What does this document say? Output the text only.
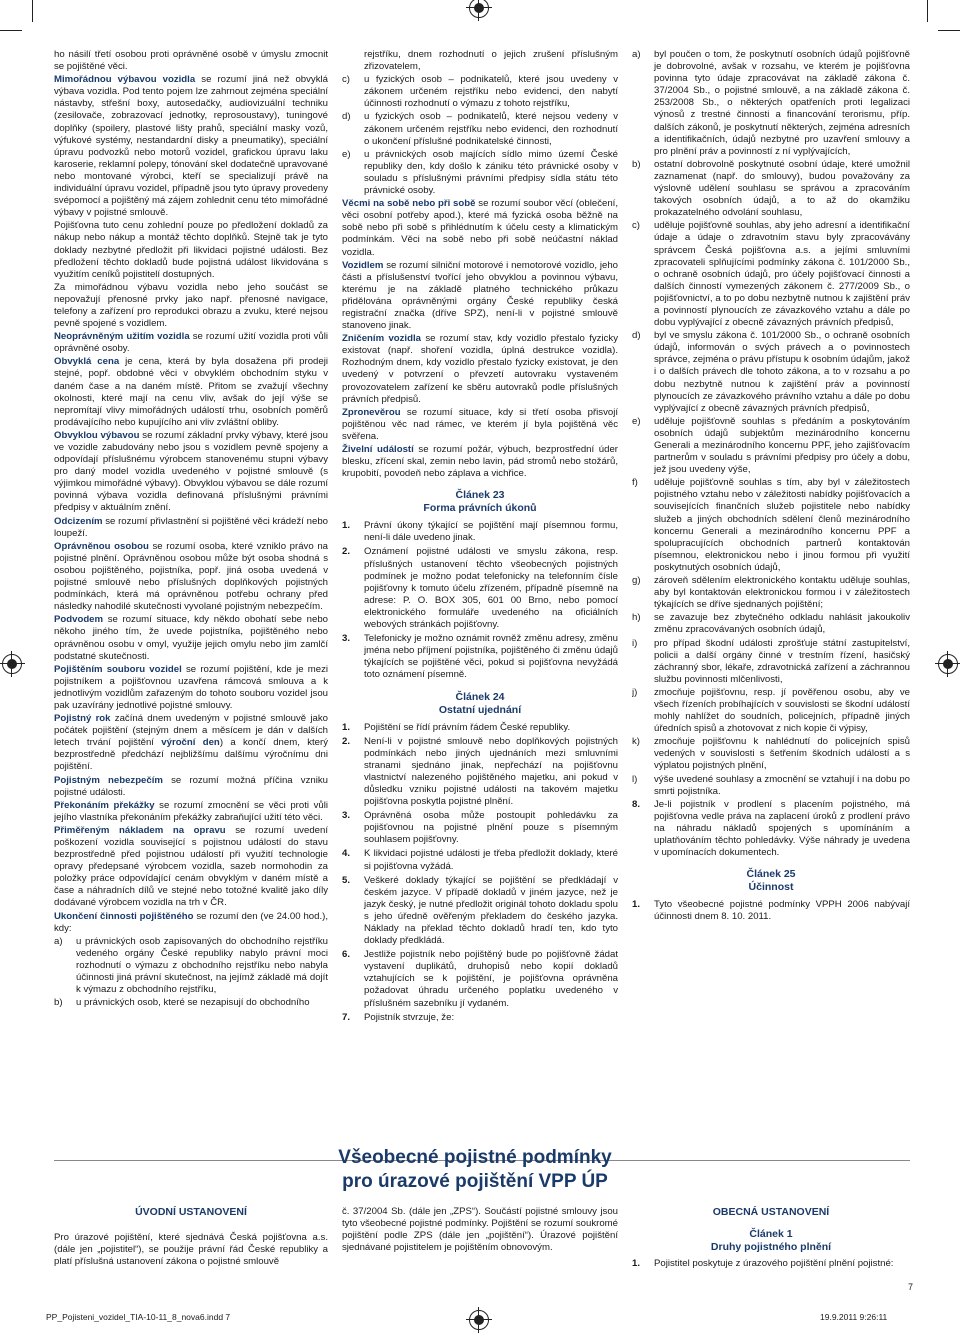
ho násilí třetí osobou proti oprávněné osobě v úmyslu zmocnit se pojištěné věci.

Mimořádnou výbavou vozidla se rozumí jiná než obvyklá výbava vozidla. Pod tento pojem lze zahrnout zejména speciální nástavby, střešní boxy, autosedačky, audiovizuální techniku (zesilovače, zobrazovací jednotky, reprosoustavy), tuningové doplňky (spoilery, plastové lišty prahů, speciální masky vozů, výfukové systémy, nestandardní disky a pneumatiky), speciální úpravu podvozků nebo motorů vozidel, grafickou úpravu laku karoserie, reklamní polepy, tónování skel dodatečně upravované nebo montované výrobci, kteří se specializují právě na individuální úpravu vozidel, případně jsou tyto úpravy provedeny svépomocí a pojištěný má zájem zohlednit cenu této mimořádné výbavy v pojistné smlouvě.

Pojišťovna tuto cenu zohlední pouze po předložení dokladů za nákup nebo nákup a montáž těchto doplňků. Stejně tak je tyto doklady nezbytné předložit při likvidaci pojistné události. Bez předložení těchto dokladů bude pojistná událost likvidována s využitím ceníků pojistitelí dostupných.

Za mimořádnou výbavu vozidla nebo jeho součást se nepovažují přenosné prvky jako např. přenosné navigace, telefony a zařízení pro reprodukci obrazu a zvuku, které nejsou pevně spojené s vozidlem.

Neoprávněným užitím vozidla se rozumí užití vozidla proti vůli oprávněné osoby.

Obvyklá cena je cena, která by byla dosažena při prodeji stejné, popř. obdobné věci v obvyklém obchodním styku v daném čase a na daném místě. Přitom se zvažují všechny okolnosti, které mají na cenu vliv, avšak do její výše se nepromítají vlivy mimořádných událostí trhu, osobních poměrů prodávajícího nebo kupujícího ani vliv zvláštní obliby.

Obvyklou výbavou se rozumí základní prvky výbavy, které jsou ve vozidle zabudovány nebo jsou s vozidlem pevně spojeny a odpovídají příslušnému výrobcem stanovenému stupni výbavy pro daný model vozidla uvedeného v pojistné smlouvě (s výjimkou mimořádné výbavy). Obvyklou výbavou se dále rozumí povinná výbava vozidla definovaná příslušnými právními předpisy v aktuálním znění.

Odcizením se rozumí přivlastnění si pojištěné věci krádeží nebo loupeží.

Oprávněnou osobou se rozumí osoba, které vzniklo právo na pojistné plnění. Oprávněnou osobou může být osoba shodná s osobou pojištěného, pojistníka, popř. jiná osoba uvedená v pojistné smlouvě nebo příslušných doplňkových pojistných podmínkách, která má oprávněnou potřebu ochrany před následky nahodilé skutečnosti vyvolané pojistným nebezpečím.

Podvodem se rozumí situace, kdy někdo obohatí sebe nebo někoho jiného tím, že uvede pojistníka, pojištěného nebo oprávněnou osobu v omyl, využije jejich omylu nebo jim zamlčí podstatné skutečnosti.

Pojištěním souboru vozidel se rozumí pojištění, kde je mezi pojistníkem a pojišťovnou uzavřena rámcová smlouva a k jednotlivým vozidlům zařazeným do tohoto souboru vozidel jsou pak uzavírány jednotlivé pojistné smlouvy.

Pojistný rok začíná dnem uvedeným v pojistné smlouvě jako počátek pojištění (stejným dnem a měsícem je dán v dalších letech trvání pojištění výroční den) a končí dnem, který bezprostředně předchází nejbližšímu dalšímu výročnímu dni pojištění.

Pojistným nebezpečím se rozumí možná příčina vzniku pojistné události.

Překonáním překážky se rozumí zmocnění se věci proti vůli jejího vlastníka překonáním překážky zabraňující užití této věci.

Přiměřeným nákladem na opravu se rozumí uvedení poškození vozidla související s pojistnou událostí do stavu bezprostředně před pojistnou událostí při využití technologie opravy předepsané výrobcem vozidla, sazeb normohodin za položky práce odpovídající cenám obvyklým v daném místě a čase a náhradních dílů ve stejné nebo totožné kvalitě jako díly dodávané výrobcem vozidla na trh v ČR.

Ukončení činnosti pojištěného se rozumí den (ve 24.00 hod.), kdy:

a) u právnických osob zapisovaných do obchodního rejstříku vedeného orgány České republiky nabylo právní moci rozhodnutí o výmazu z obchodního rejstříku nebo nabyla účinnosti jiná právní skutečnost, na jejímž základě má dojít k výmazu z obchodního rejstříku,
b) u právnických osob, které se nezapisují do obchodního

rejstříku, dnem rozhodnutí o jejich zrušení příslušným zřizovatelem,

c) u fyzických osob – podnikatelů, které jsou uvedeny v zákonem určeném rejstříku nebo evidenci, den nabytí účinnosti rozhodnutí o výmazu z tohoto rejstříku,
d) u fyzických osob – podnikatelů, které nejsou vedeny v zákonem určeném rejstříku nebo evidenci, den rozhodnutí o ukončení příslušné podnikatelské činnosti,
e) u právnických osob majících sídlo mimo území České republiky den, kdy došlo k zániku této právnické osoby v souladu s příslušnými právními předpisy sídla státu této právnické osoby.

Věcmi na sobě nebo při sobě se rozumí soubor věcí (oblečení, věci osobní potřeby apod.), které má fyzická osoba běžně na sobě nebo při sobě s přihlédnutím k účelu cesty a klimatickým podmínkám. Věci na sobě nebo při sobě neúčastní náklad vozidla.

Vozidlem se rozumí silniční motorové i nemotorové vozidlo, jeho části a příslušenství tvořící jeho obvyklou a povinnou výbavu, kterému je na základě platného technického průkazu přidělována oprávněnými orgány České republiky česká registrační značka (dříve SPZ), není-li v pojistné smlouvě stanoveno jinak.

Zničením vozidla se rozumí stav, kdy vozidlo přestalo fyzicky existovat (např. shoření vozidla, úplná destrukce vozidla). Rozhodným dnem, kdy vozidlo přestalo fyzicky existovat, je den uvedený v potvrzení o převzetí autovraku vystaveném provozovatelem zařízení ke sběru autovraků podle příslušných právních předpisů.

Zpronevěrou se rozumí situace, kdy si třetí osoba přisvojí pojištěnou věc nad rámec, ve kterém jí byla pojištěná věc svěřena.

Živelní událostí se rozumí požár, výbuch, bezprostřední úder blesku, zřícení skal, zemin nebo lavin, pád stromů nebo stožárů, krupobití, povodeň nebo záplava a vichřice.

Článek 23
Forma právních úkonů
1. Právní úkony týkající se pojištění mají písemnou formu, není-li dále uvedeno jinak.
2. Oznámení pojistné události ve smyslu zákona, resp. příslušných ustanovení těchto všeobecných pojistných podmínek je možno podat telefonicky na telefonním čísle pojišťovny k tomuto účelu zřízeném, případně písemně na adrese: P. O. BOX 305, 601 00 Brno, nebo pomocí elektronického formuláře uvedeného na oficiálních webových stránkách pojišťovny.
3. Telefonicky je možno oznámit rovněž změnu adresy, změnu jména nebo příjmení pojistníka, pojištěného či změnu údajů týkajících se pojištěné věci, pokud si pojišťovna nevyžádá toto oznámení písemně.
Článek 24
Ostatní ujednání
1. Pojištění se řídí právním řádem České republiky.
2. Není-li v pojistné smlouvě nebo doplňkových pojistných podmínkách nebo jiných ujednáních mezi smluvními stranami sjednáno jinak, nepřechází na pojišťovnu vlastnictví nalezeného pojištěného majetku, ani pokud v důsledku vzniku pojistné události na takovém majetku pojišťovna poskytla pojistné plnění.
3. Oprávněná osoba může postoupit pohledávku za pojišťovnou na pojistné plnění pouze s písemným souhlasem pojišťovny.
4. K likvidaci pojistné události je třeba předložit doklady, které si pojišťovna vyžádá.
5. Veškeré doklady týkající se pojištění se předkládají v českém jazyce. V případě dokladů v jiném jazyce, než je jazyk český, je nutné předložit originál tohoto dokladu spolu s jeho úředně ověřeným překladem do českého jazyka. Náklady na překlad těchto dokladů hradí ten, kdo tyto doklady předkládá.
6. Jestliže pojistník nebo pojištěný bude po pojišťovně žádat vystavení duplikátů, druhopisů nebo kopií dokladů vztahujících se k pojištění, je pojišťovna oprávněna požadovat úhradu určeného poplatku uvedeného v příslušném sazebníku jí vydaném.
7. Pojistník stvrzuje, že:
a) byl poučen o tom, že poskytnutí osobních údajů pojišťovně je dobrovolné, avšak v rozsahu, ve kterém je pojišťovna povinna tyto údaje zpracovávat na základě zákona č. 37/2004 Sb., o pojistné smlouvě, a na základě zákona č. 253/2008 Sb., o některých opatřeních proti legalizaci výnosů z trestné činnosti a financování terorismu, příp. dalších zákonů, je poskytnutí některých, zejména adresních a identifikačních, údajů nezbytné pro uzavření smlouvy a pro plnění práv a povinností z ní vyplývajících,
b) ostatní dobrovolně poskytnuté osobní údaje, které umožnil zaznamenat (např. do smlouvy), budou považovány za výslovně udělení souhlasu se správou a zpracováním takových osobních údajů, a to až do okamžiku prokazatelného odvolání souhlasu,
c) uděluje pojišťovně souhlas, aby jeho adresní a identifikační údaje a údaje o zdravotním stavu byly zpracovávány správcem Česká pojišťovna a.s. a jejími smluvními zpracovateli splňujícími podmínky zákona č. 101/2000 Sb., o ochraně osobních údajů, pro účely pojišťovací činnosti a dalších činností vymezených zákonem č. 277/2009 Sb., o pojišťovnictví, a to po dobu nezbytně nutnou k zajištění práv a povinností plynoucích ze závazkového vztahu a dále po dobu vyplývající z obecně závazných právních předpisů,
d) byl ve smyslu zákona č. 101/2000 Sb., o ochraně osobních údajů, informován o svých právech a o povinnostech správce, zejména o právu přístupu k osobním údajům, jakož i o dalších právech dle tohoto zákona, a to v rozsahu a po dobu nezbytně nutnou k zajištění práv a povinností plynoucích ze závazkového právního vztahu a dále po dobu vyplývající z obecně závazných právních předpisů,
e) uděluje pojišťovně souhlas s předáním a poskytováním osobních údajů subjektům mezinárodního koncernu Generali a mezinárodního koncernu PPF, jeho zajišťovacím partnerům v souladu s právními předpisy pro účely a dobu, jež jsou uvedeny výše,
f) uděluje pojišťovně souhlas s tím, aby byl v záležitostech pojistného vztahu nebo v záležitosti nabídky pojišťovacích a souvisejících finančních služeb pojistitele nebo nabídky služeb a jiných obchodních sdělení členů mezinárodního koncernu Generali a mezinárodního koncernu PPF a spolupracujících obchodních partnerů kontaktován písemnou, elektronickou nebo i jinou formou při využití poskytnutých osobních údajů,
g) zároveň sdělením elektronického kontaktu uděluje souhlas, aby byl kontaktován elektronickou formou i v záležitostech týkajících se dříve sjednaných pojištění;
h) se zavazuje bez zbytečného odkladu nahlásit jakoukoliv změnu zpracovávaných osobních údajů,
i) pro případ škodní události zprošťuje státní zastupitelství, policii a další orgány činné v trestním řízení, hasičský záchranný sbor, lékaře, zdravotnická zařízení a záchrannou službu povinnosti mlčenlivosti,
j) zmocňuje pojišťovnu, resp. jí pověřenou osobu, aby ve všech řízeních probíhajících v souvislosti se škodní událostí mohly nahlížet do soudních, policejních, případně jiných úředních spisů a zhotovovat z nich kopie či výpisy,
k) zmocňuje pojišťovnu k nahlédnutí do policejních spisů vedených v souvislosti s šetřením škodních událostí a s výplatou pojistných plnění,
l) výše uvedené souhlasy a zmocnění se vztahují i na dobu po smrti pojistníka.
8. Je-li pojistník v prodlení s placením pojistného, má pojišťovna vedle práva na zaplacení úroků z prodlení právo na náhradu nákladů spojených s upomínáním a uplatňováním těchto pohledávky. Výše náhrady je uvedena v upomínacích dokumentech.
Článek 25
Účinnost
1. Tyto všeobecné pojistné podmínky VPPH 2006 nabývají účinnosti dnem 8. 10. 2011.
Všeobecné pojistné podmínky
pro úrazové pojištění VPP ÚP
ÚVODNÍ USTANOVENÍ

Pro úrazové pojištění, které sjednává Česká pojišťovna a.s. (dále jen „pojistitel“), se použije právní řád České republiky a platí příslušná ustanovení zákona o pojistné smlouvě

č. 37/2004 Sb. (dále jen „ZPS“). Součástí pojistné smlouvy jsou tyto všeobecné pojistné podmínky. Pojištění se rozumí soukromé pojištění podle ZPS (dále jen „pojištění“). Úrazové pojištění sjednávané pojistitelem je pojištěním obnovovým.

OBECNÁ USTANOVENÍ
Článek 1
Druhy pojistného plnění
1. Pojistitel poskytuje z úrazového pojištění plnění pojistné:
7
PP_Pojisteni_vozidel_TIA-10-11_8_nova6.indd 7	19.9.2011 9:26:11
